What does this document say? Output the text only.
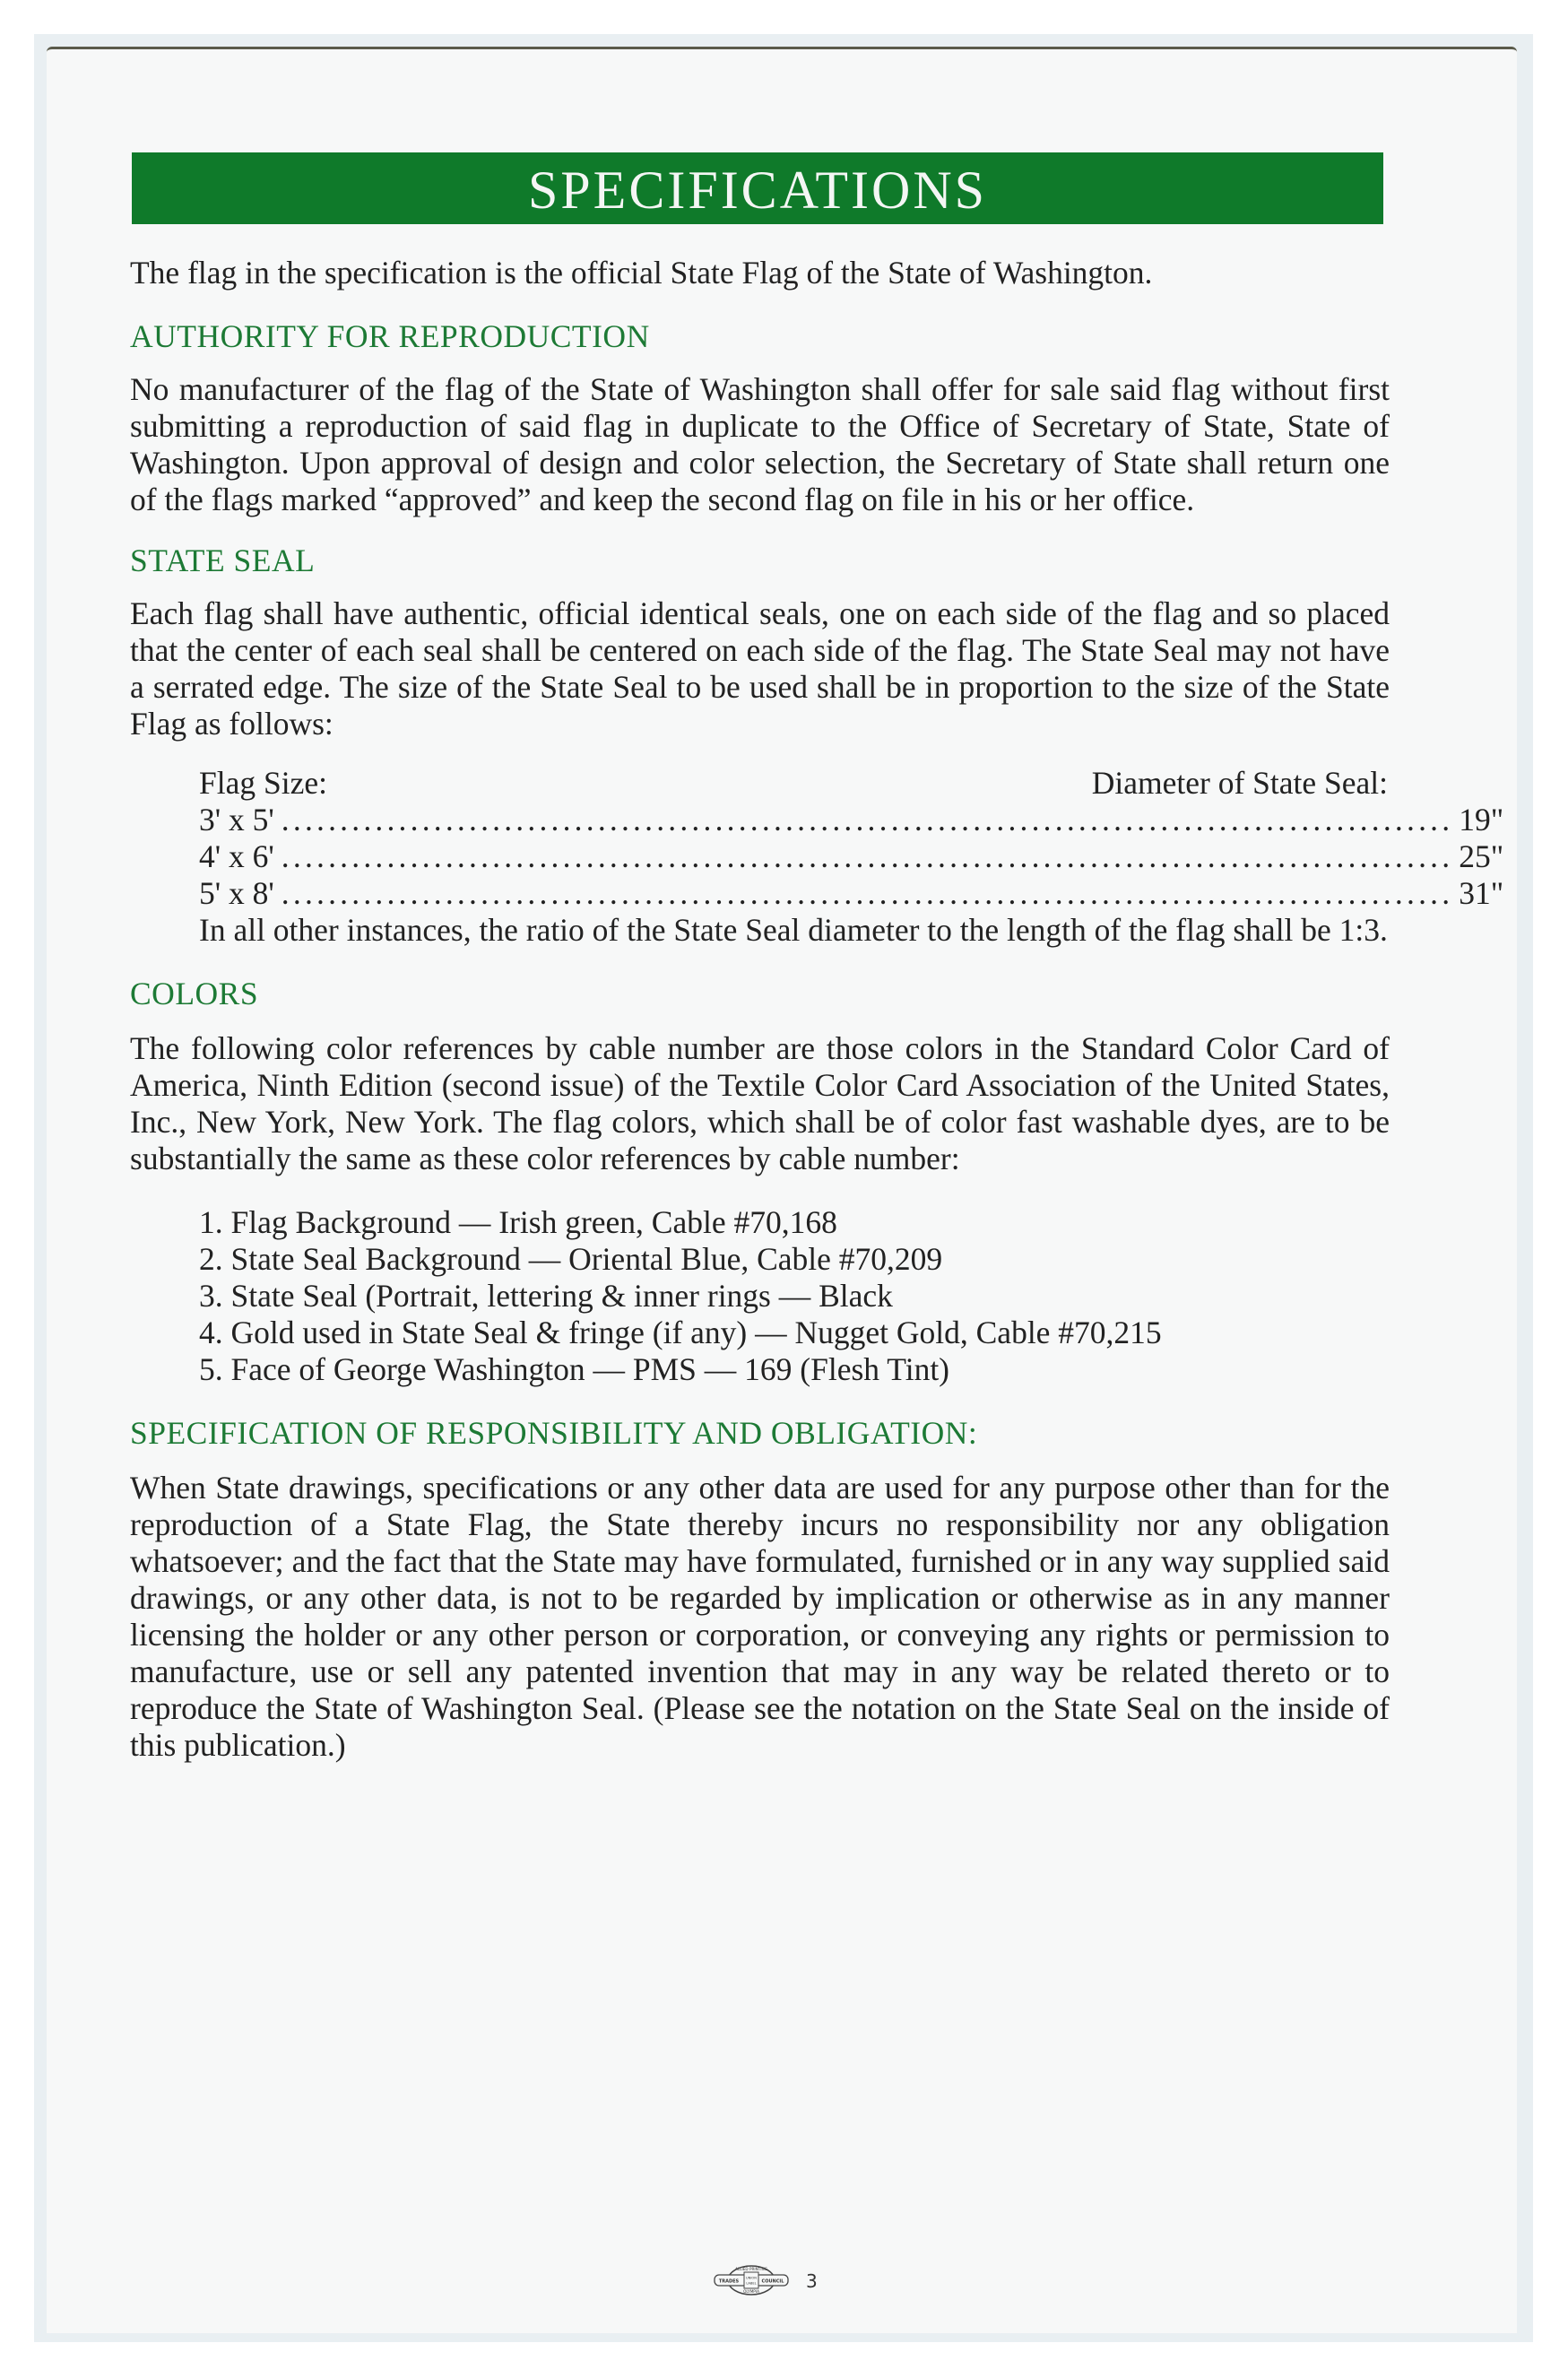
SPECIFICATIONS

The flag in the specification is the official State Flag of the State of Washington.

AUTHORITY FOR REPRODUCTION

No manufacturer of the flag of the State of Washington shall offer for sale said flag without first submitting a reproduction of said flag in duplicate to the Office of Secretary of State, State of Washington. Upon approval of design and color selection, the Secretary of State shall return one of the flags marked “approved” and keep the second flag on file in his or her office.

STATE SEAL

Each flag shall have authentic, official identical seals, one on each side of the flag and so placed that the center of each seal shall be centered on each side of the flag. The State Seal may not have a serrated edge. The size of the State Seal to be used shall be in proportion to the size of the State Flag as follows:

Flag Size:	Diameter of State Seal:
3' x 5' .................................................................................................... 19"
4' x 6' .................................................................................................... 25"
5' x 8' .................................................................................................... 31"
In all other instances, the ratio of the State Seal diameter to the length of the flag shall be 1:3.
COLORS

The following color references by cable number are those colors in the Standard Color Card of America, Ninth Edition (second issue) of the Textile Color Card Association of the United States, Inc., New York, New York. The flag colors, which shall be of color fast washable dyes, are to be substantially the same as these color references by cable number:

1. Flag Background — Irish green, Cable #70,168
2. State Seal Background — Oriental Blue, Cable #70,209
3. State Seal (Portrait, lettering & inner rings — Black
4. Gold used in State Seal & fringe (if any) — Nugget Gold, Cable #70,215
5. Face of George Washington — PMS — 169 (Flesh Tint)
SPECIFICATION OF RESPONSIBILITY AND OBLIGATION:

When State drawings, specifications or any other data are used for any purpose other than for the reproduction of a State Flag, the State thereby incurs no responsibility nor any obligation whatsoever; and the fact that the State may have formulated, furnished or in any way supplied said drawings, or any other data, is not to be regarded by implication or otherwise as in any manner licensing the holder or any other person or corporation, or conveying any rights or permission to manufacture, use or sell any patented invention that may in any way be related thereto or to reproduce the State of Washington Seal. (Please see the notation on the State Seal on the inside of this publication.)

ALLIED PRINTING
TRADES
UNION
LABEL COUNCIL
OLYMPIA	3
